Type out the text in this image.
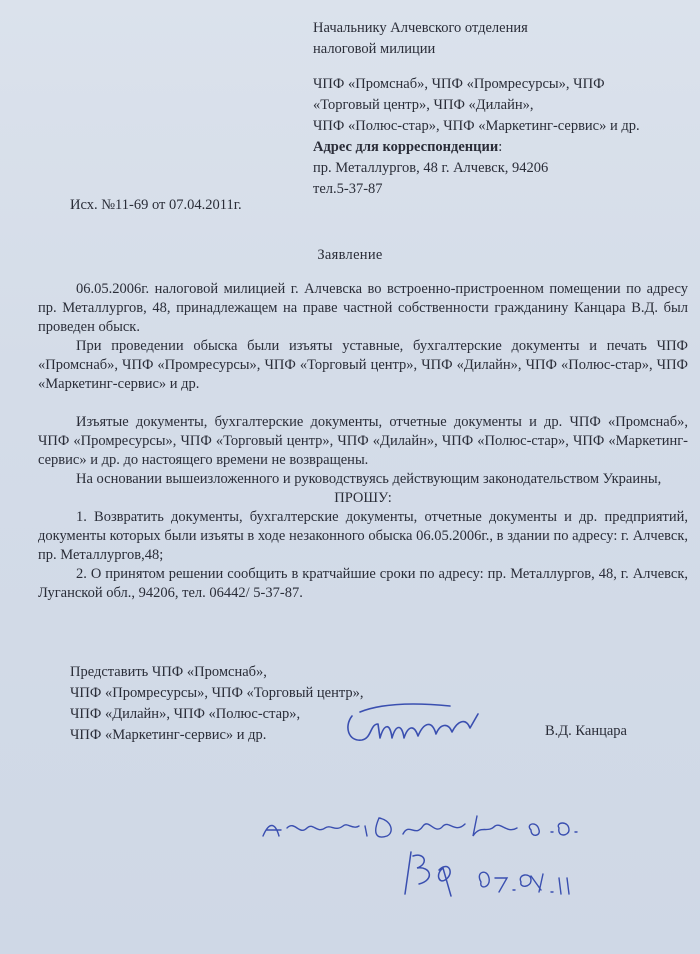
Начальнику Алчевского отделения
налоговой милиции
ЧПФ «Промснаб», ЧПФ «Промресурсы», ЧПФ
«Торговый центр», ЧПФ «Дилайн»,
ЧПФ «Полюс-стар», ЧПФ «Маркетинг-сервис» и др.
Адрес для корреспонденции:
пр. Металлургов, 48 г. Алчевск, 94206
тел.5-37-87
Исх. №11-69 от 07.04.2011г.
Заявление

06.05.2006г. налоговой милицией г. Алчевска во встроенно-пристроенном помещении по адресу пр. Металлургов, 48, принадлежащем на праве частной собственности гражданину Канцара В.Д. был проведен обыск.

При проведении обыска были изъяты уставные, бухгалтерские документы и печать ЧПФ «Промснаб», ЧПФ «Промресурсы», ЧПФ «Торговый центр», ЧПФ «Дилайн», ЧПФ «Полюс-стар», ЧПФ «Маркетинг-сервис» и др.

Изъятые документы, бухгалтерские документы, отчетные документы и др. ЧПФ «Промснаб», ЧПФ «Промресурсы», ЧПФ «Торговый центр», ЧПФ «Дилайн», ЧПФ «Полюс-стар», ЧПФ «Маркетинг-сервис» и др. до настоящего времени не возвращены.

На основании вышеизложенного и руководствуясь действующим законодательством Украины,

ПРОШУ:

1. Возвратить документы, бухгалтерские документы, отчетные документы и др. предприятий, документы которых были изъяты в ходе незаконного обыска 06.05.2006г., в здании по адресу: г. Алчевск, пр. Металлургов,48;

2. О принятом решении сообщить в кратчайшие сроки по адресу: пр. Металлургов, 48, г. Алчевск, Луганской обл., 94206, тел. 06442/ 5-37-87.

Представить ЧПФ «Промснаб»,
ЧПФ «Промресурсы», ЧПФ «Торговый центр»,
ЧПФ «Дилайн», ЧПФ «Полюс-стар»,
ЧПФ «Маркетинг-сервис» и др.	В.Д. Канцара
